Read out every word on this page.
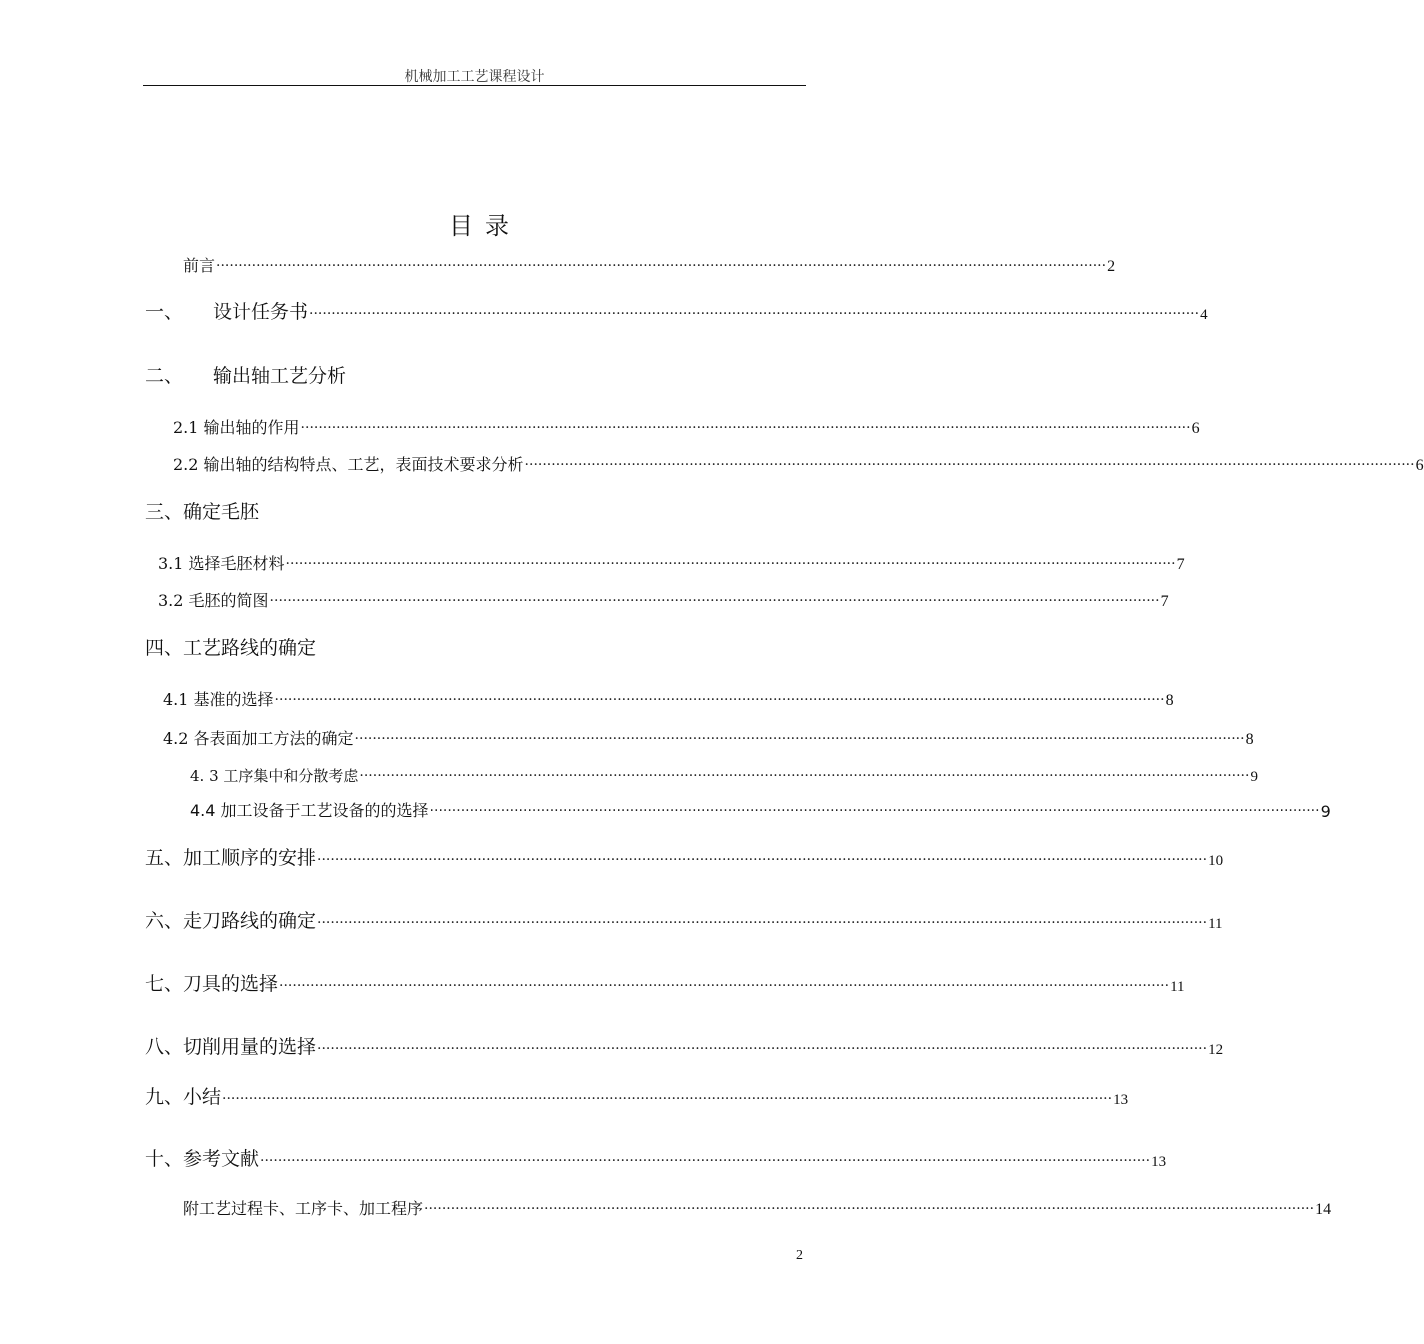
机械加工工艺课程设计
目录
前言 ········································································································································································································ 2
一、	设计任务书 ········································································································································································································ 4
二、	输出轴工艺分析
2.1 输出轴的作用 ········································································································································································································ 6
2.2 输出轴的结构特点、工艺，表面技术要求分析 ········································································································································································································ 6
三、确定毛胚
3.1 选择毛胚材料 ········································································································································································································ 7
3.2 毛胚的简图 ········································································································································································································ 7
四、工艺路线的确定
4.1 基准的选择 ········································································································································································································ 8
4.2 各表面加工方法的确定 ········································································································································································································ 8
4. 3 工序集中和分散考虑 ········································································································································································································ 9
4.4 加工设备于工艺设备的的选择 ········································································································································································································ 9
五、加工顺序的安排 ········································································································································································································ 10
六、走刀路线的确定 ········································································································································································································ 11
七、刀具的选择 ········································································································································································································ 11
八、切削用量的选择 ········································································································································································································ 12
九、小结 ········································································································································································································ 13
十、参考文献 ········································································································································································································ 13
附工艺过程卡、工序卡、加工程序 ········································································································································································································ 14
2
